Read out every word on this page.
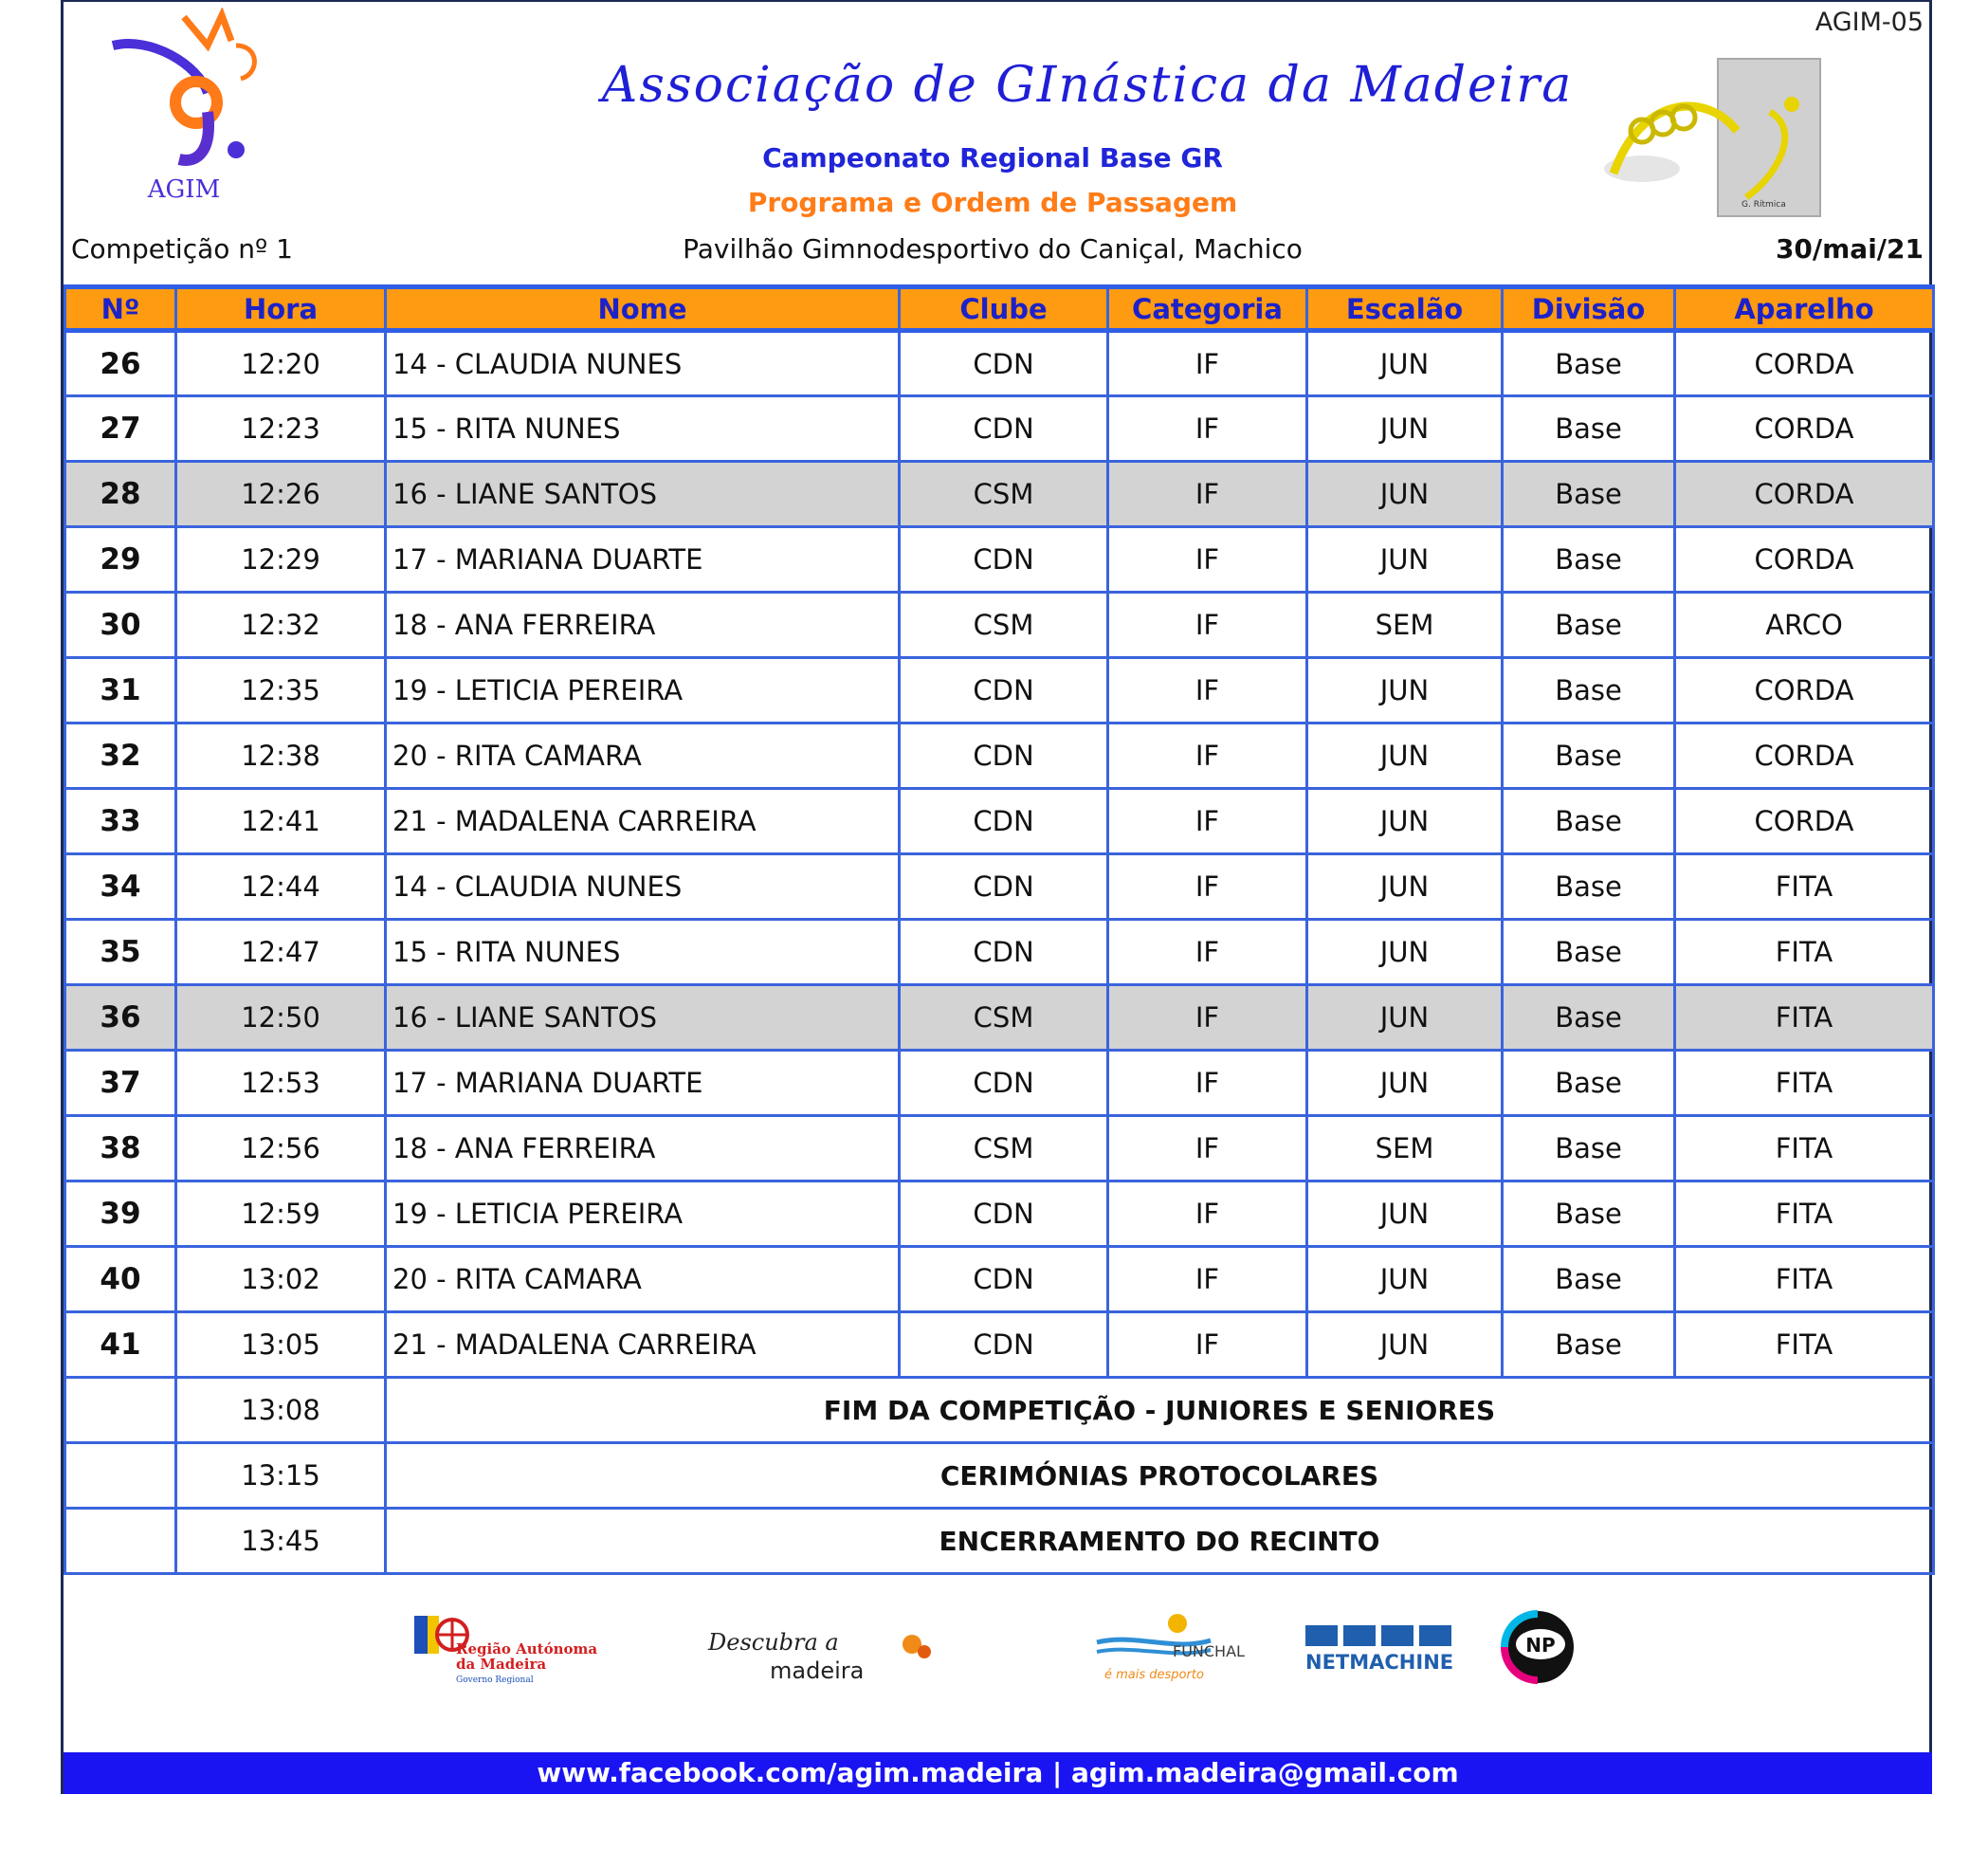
AGIM-05
AGIM
Associação de GInástica da Madeira
G. Rítmica
Campeonato Regional Base GR
Programa e Ordem de Passagem
Competição nº 1	Pavilhão Gimnodesportivo do Caniçal, Machico	30/mai/21
Nº	Hora	Nome	Clube	Categoria	Escalão	Divisão	Aparelho
26	12:20	14 - CLAUDIA NUNES	CDN	IF	JUN	Base	CORDA
27	12:23	15 - RITA NUNES	CDN	IF	JUN	Base	CORDA
28	12:26	16 - LIANE SANTOS	CSM	IF	JUN	Base	CORDA
29	12:29	17 - MARIANA DUARTE	CDN	IF	JUN	Base	CORDA
30	12:32	18 - ANA FERREIRA	CSM	IF	SEM	Base	ARCO
31	12:35	19 - LETICIA PEREIRA	CDN	IF	JUN	Base	CORDA
32	12:38	20 - RITA CAMARA	CDN	IF	JUN	Base	CORDA
33	12:41	21 - MADALENA CARREIRA	CDN	IF	JUN	Base	CORDA
34	12:44	14 - CLAUDIA NUNES	CDN	IF	JUN	Base	FITA
35	12:47	15 - RITA NUNES	CDN	IF	JUN	Base	FITA
36	12:50	16 - LIANE SANTOS	CSM	IF	JUN	Base	FITA
37	12:53	17 - MARIANA DUARTE	CDN	IF	JUN	Base	FITA
38	12:56	18 - ANA FERREIRA	CSM	IF	SEM	Base	FITA
39	12:59	19 - LETICIA PEREIRA	CDN	IF	JUN	Base	FITA
40	13:02	20 - RITA CAMARA	CDN	IF	JUN	Base	FITA
41	13:05	21 - MADALENA CARREIRA	CDN	IF	JUN	Base	FITA
	13:08	FIM DA COMPETIÇÃO - JUNIORES E SENIORES					
	13:15	CERIMÓNIAS PROTOCOLARES					
	13:45	ENCERRAMENTO DO RECINTO					
Região Autónoma
da Madeira
Governo Regional
Descubra a
madeira
FUNCHAL
é mais desporto
NETMACHINE
NP
www.facebook.com/agim.madeira | agim.madeira@gmail.com
